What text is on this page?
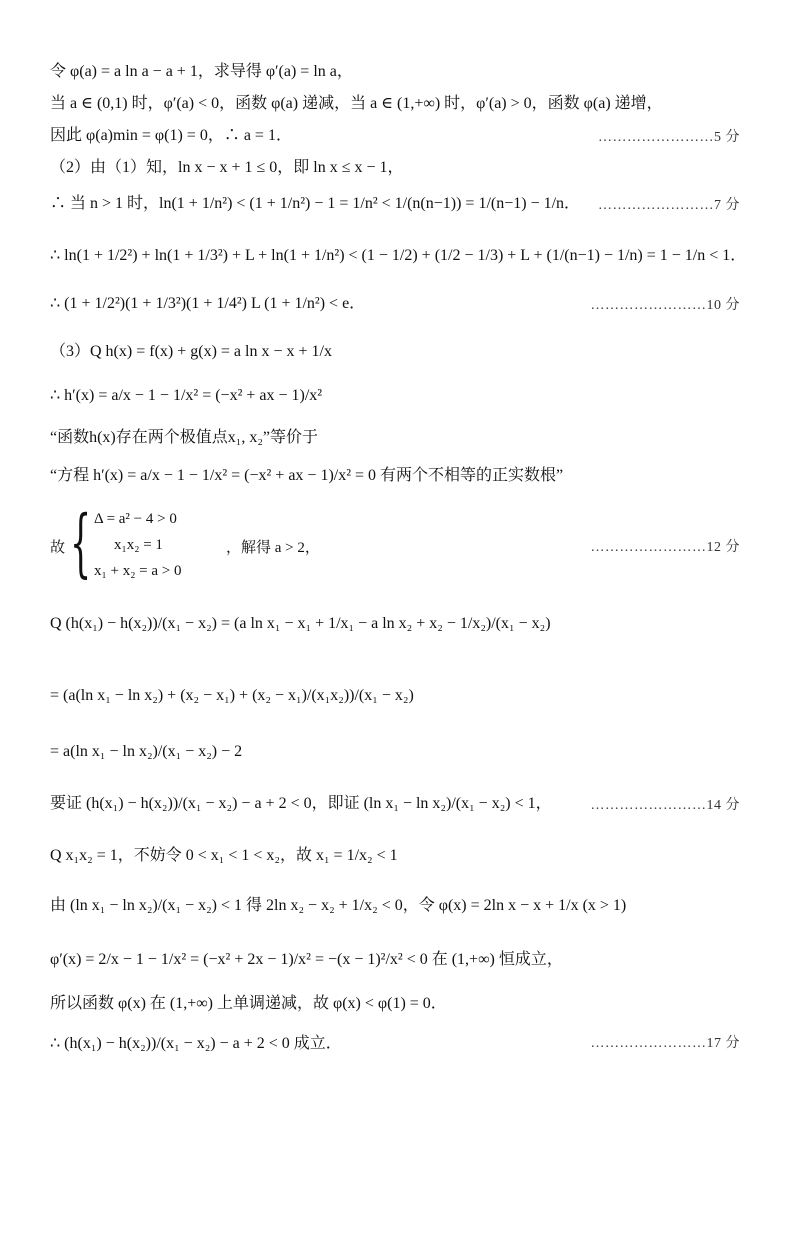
令 φ(a) = a ln a − a + 1，求导得 φ′(a) = ln a，
当 a ∈ (0,1) 时，φ′(a) < 0，函数 φ(a) 递减，当 a ∈ (1,+∞) 时，φ′(a) > 0，函数 φ(a) 递增，
因此 φ(a)min = φ(1) = 0，∴ a = 1．
（2）由（1）知，ln x − x + 1 ≤ 0，即 ln x ≤ x − 1，
∴ 当 n > 1 时，ln(1 + 1/n²) < (1 + 1/n²) − 1 = 1/n² < 1/(n(n−1)) = 1/(n−1) − 1/n．
∴ ln(1 + 1/2²) + ln(1 + 1/3²) + L + ln(1 + 1/n²) < (1 − 1/2) + (1/2 − 1/3) + L + (1/(n−1) − 1/n) = 1 − 1/n < 1．
∴ (1 + 1/2²)(1 + 1/3²)(1 + 1/4²) L (1 + 1/n²) < e．
（3）Q h(x) = f(x) + g(x) = a ln x − x + 1/x
∴ h′(x) = a/x − 1 − 1/x² = (−x² + ax − 1)/x²
“函数h(x)存在两个极值点x₁, x₂”等价于
“方程 h′(x) = a/x − 1 − 1/x² = (−x² + ax − 1)/x² = 0 有两个不相等的正实数根”
Q (h(x₁) − h(x₂))/(x₁ − x₂) = (a ln x₁ − x₁ + 1/x₁ − a ln x₂ + x₂ − 1/x₂)/(x₁ − x₂)
= (a(ln x₁ − ln x₂) + (x₂ − x₁) + (x₂ − x₁)/(x₁x₂))/(x₁ − x₂)
= a(ln x₁ − ln x₂)/(x₁ − x₂) − 2
要证 (h(x₁) − h(x₂))/(x₁ − x₂) − a + 2 < 0，即证 (ln x₁ − ln x₂)/(x₁ − x₂) < 1，
Q x₁x₂ = 1，不妨令 0 < x₁ < 1 < x₂，故 x₁ = 1/x₂ < 1
由 (ln x₁ − ln x₂)/(x₁ − x₂) < 1 得 2ln x₂ − x₂ + 1/x₂ < 0，令 φ(x) = 2ln x − x + 1/x (x > 1)
φ′(x) = 2/x − 1 − 1/x² = (−x² + 2x − 1)/x² = −(x − 1)²/x² < 0 在 (1,+∞) 恒成立，
所以函数 φ(x) 在 (1,+∞) 上单调递减，故 φ(x) < φ(1) = 0．
∴ (h(x₁) − h(x₂))/(x₁ − x₂) − a + 2 < 0 成立．
故 { Δ = a² − 4 > 0
x₁x₂ = 1
x₁ + x₂ = a > 0
，解得 a > 2，
……………………5 分
……………………7 分
……………………10 分
……………………12 分
……………………14 分
……………………17 分
